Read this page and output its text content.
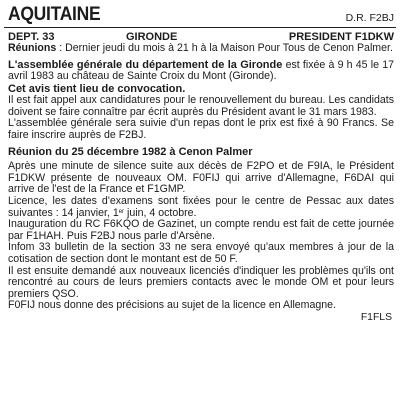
AQUITAINE	D.R. F2BJ
DEPT. 33	GIRONDE	PRESIDENT F1DKW

Réunions : Dernier jeudi du mois à 21 h à la Maison Pour Tous de Cenon Palmer.

L'assemblée générale du département de la Gironde est fixée à 9 h 45 le 17 avril 1983 au château de Sainte Croix du Mont (Gironde).

Cet avis tient lieu de convocation.

Il est fait appel aux candidatures pour le renouvellement du bureau. Les candidats doivent se faire connaître par écrit auprès du Président avant le 31 mars 1983.

L'assemblée générale sera suivie d'un repas dont le prix est fixé à 90 Francs. Se faire inscrire auprès de F2BJ.

Réunion du 25 décembre 1982 à Cenon Palmer

Après une minute de silence suite aux décès de F2PO et de F9IA, le Président F1DKW présente de nouveaux OM. F0FIJ qui arrive d'Allemagne, F6DAI qui arrive de l'est de la France et F1GMP.

Licence, les dates d'examens sont fixées pour le centre de Pessac aux dates suivantes : 14 janvier, 1er juin, 4 octobre.

Inauguration du RC F6KQO de Gazinet, un compte rendu est fait de cette journée par F1HAH. Puis F2BJ nous parle d'Arsène.

Infom 33 bulletin de la section 33 ne sera envoyé qu'aux membres à jour de la cotisation de section dont le montant est de 50 F.

Il est ensuite demandé aux nouveaux licenciés d'indiquer les problèmes qu'ils ont rencontré au cours de leurs premiers contacts avec le monde OM et pour leurs premiers QSO.

F0FIJ nous donne des précisions au sujet de la licence en Allemagne.

F1FLS
